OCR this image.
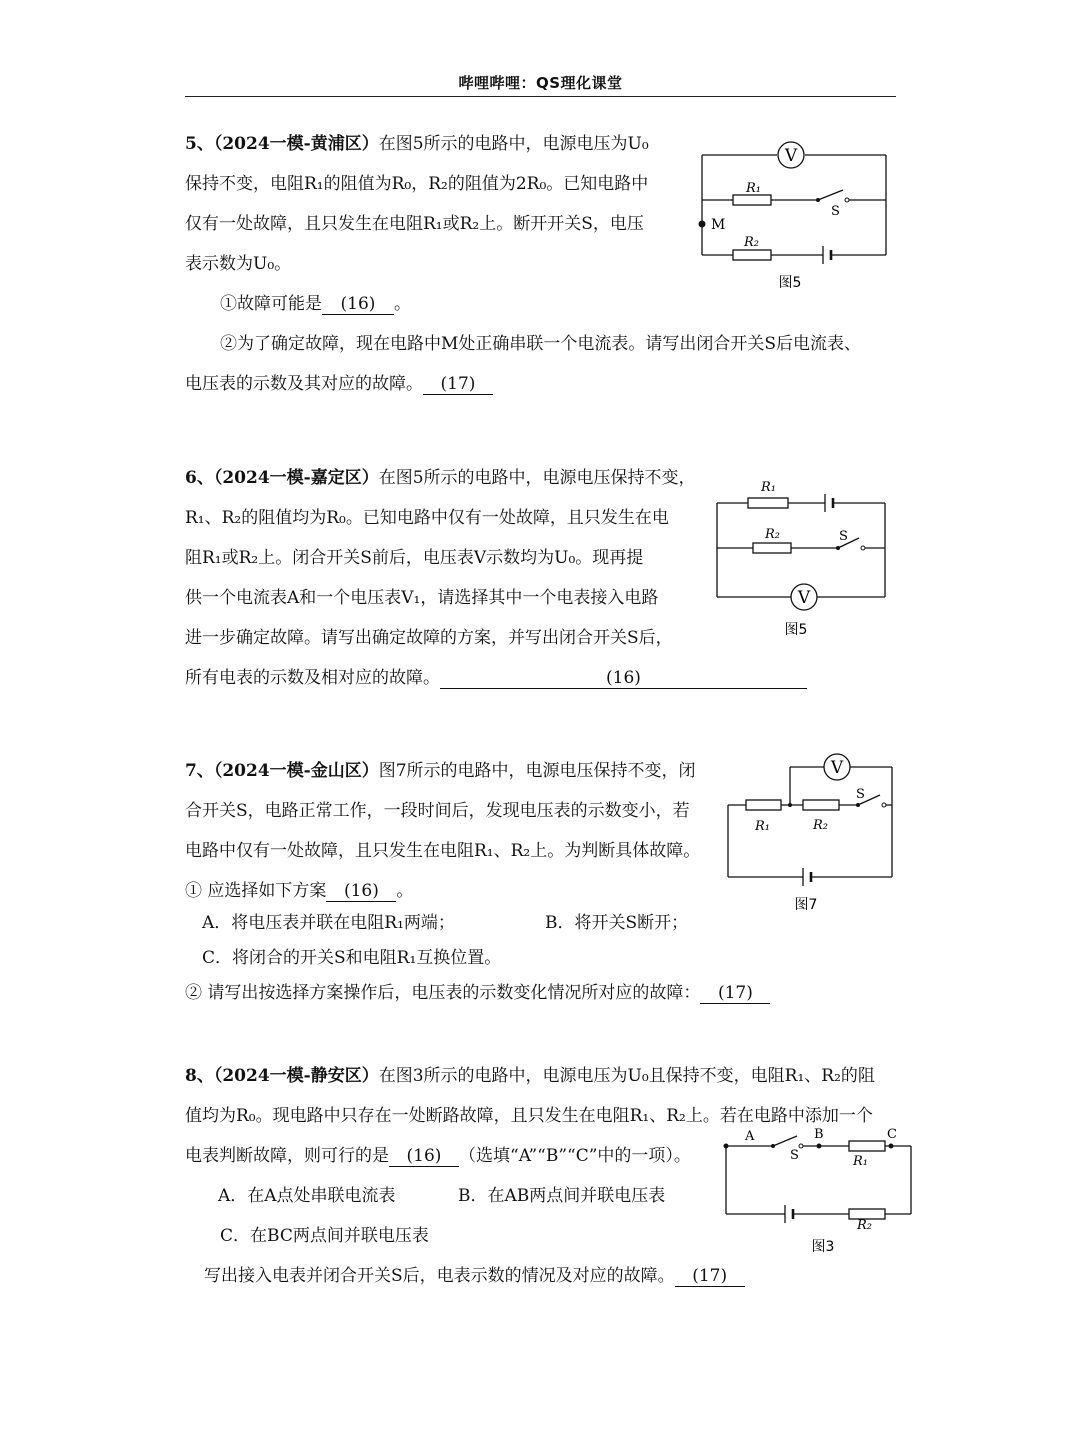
哔哩哔哩：QS理化课堂
5、（2024一模-黄浦区）在图5所示的电路中，电源电压为U₀
保持不变，电阻R₁的阻值为R₀，R₂的阻值为2R₀。已知电路中
仅有一处故障，且只发生在电阻R₁或R₂上。断开开关S，电压
表示数为U₀。
①故障可能是 (16) 。
②为了确定故障，现在电路中M处正确串联一个电流表。请写出闭合开关S后电流表、
电压表的示数及其对应的故障。 (17)
V
R₁
S
M
R₂
图5
6、（2024一模-嘉定区）在图5所示的电路中，电源电压保持不变，
R₁、R₂的阻值均为R₀。已知电路中仅有一处故障，且只发生在电
阻R₁或R₂上。闭合开关S前后，电压表V示数均为U₀。现再提
供一个电流表A和一个电压表V₁，请选择其中一个电表接入电路
进一步确定故障。请写出确定故障的方案，并写出闭合开关S后，
所有电表的示数及相对应的故障。	(16)
R₁
R₂	S
V
图5
7、（2024一模-金山区）图7所示的电路中，电源电压保持不变，闭
合开关S，电路正常工作，一段时间后，发现电压表的示数变小，若
电路中仅有一处故障，且只发生在电阻R₁、R₂上。为判断具体故障。
① 应选择如下方案 (16) 。
A．将电压表并联在电阻R₁两端；	B．将开关S断开；
C．将闭合的开关S和电阻R₁互换位置。
② 请写出按选择方案操作后，电压表的示数变化情况所对应的故障： (17)
V
R₁	R₂
S
图7
8、（2024一模-静安区）在图3所示的电路中，电源电压为U₀且保持不变，电阻R₁、R₂的阻
值均为R₀。现电路中只存在一处断路故障，且只发生在电阻R₁、R₂上。若在电路中添加一个
电表判断故障，则可行的是 (16) （选填“A”“B”“C”中的一项）。
A．在A点处串联电流表	B．在AB两点间并联电压表
C．在BC两点间并联电压表
写出接入电表并闭合开关S后，电表示数的情况及对应的故障。 (17)
A
S
B
R₁
C
R₂
图3
